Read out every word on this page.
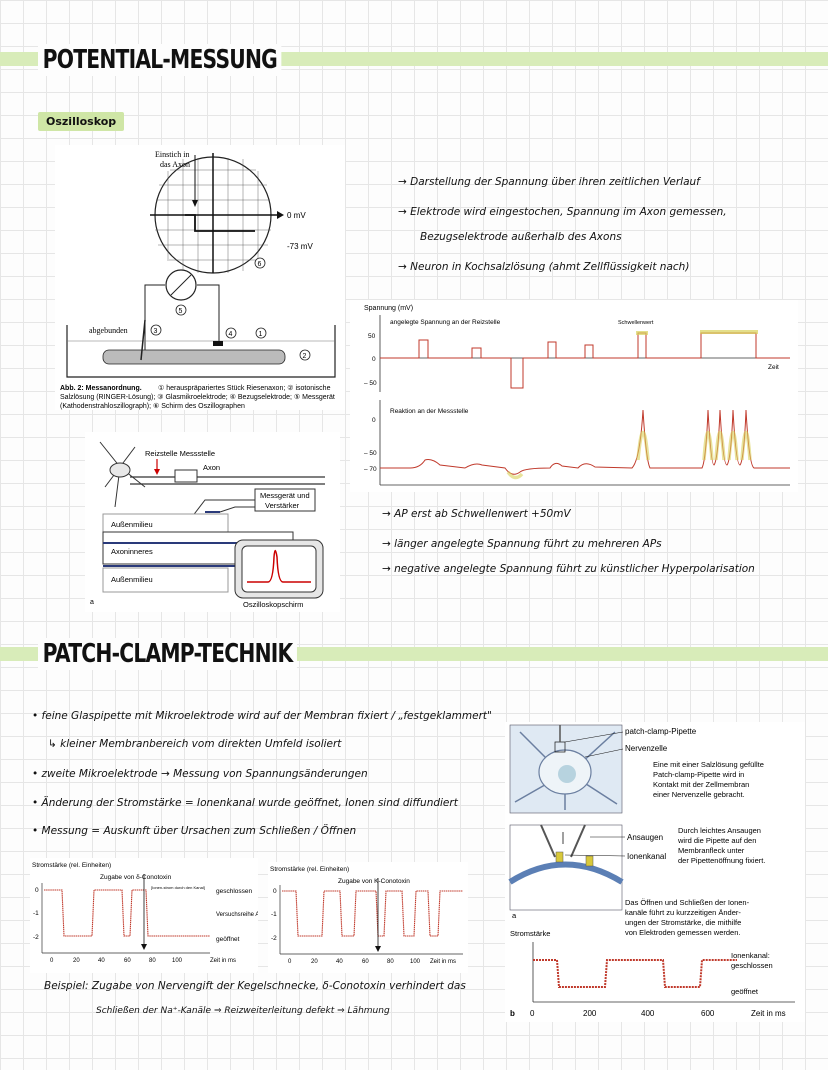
POTENTIAL-MESSUNG
Oszilloskop
Einstich in
das Axon
0 mV
-73 mV
6
5
abgebunden	3	4	1
2
Abb. 2: Messanordnung. ① herauspräpariertes Stück Riesenaxon; ② isotonische
Salzlösung (RINGER-Lösung); ③ Glasmikroelektrode; ④ Bezugselektrode; ⑤ Messgerät
(Kathodenstrahloszillograph); ⑥ Schirm des Oszillographen
Reizstelle Messstelle
Axon
Messgerät und
Verstärker
Außenmilieu
Axoninneres
Außenmilieu
a	Oszilloskopschirm
→ Darstellung der Spannung über ihren zeitlichen Verlauf
→ Elektrode wird eingestochen, Spannung im Axon gemessen,
Bezugselektrode außerhalb des Axons
→ Neuron in Kochsalzlösung (ahmt Zellflüssigkeit nach)
Spannung (mV)
angelegte Spannung an der Reizstelle	Schwellenwert
Zeit
50
0
– 50
Reaktion an der Messstelle
0
– 50
– 70
→ AP erst ab Schwellenwert +50mV
→ länger angelegte Spannung führt zu mehreren APs
→ negative angelegte Spannung führt zu künstlicher Hyperpolarisation
PATCH-CLAMP-TECHNIK
• feine Glaspipette mit Mikroelektrode wird auf der Membran fixiert / „festgeklammert"
↳ kleiner Membranbereich vom direkten Umfeld isoliert
• zweite Mikroelektrode → Messung von Spannungsänderungen
• Änderung der Stromstärke = Ionenkanal wurde geöffnet, Ionen sind diffundiert
• Messung = Auskunft über Ursachen zum Schließen / Öffnen
Stromstärke (rel. Einheiten)
Zugabe von δ-Conotoxin
[Ionen-strom durch den Kanal]
geschlossen
Versuchsreihe A
geöffnet
0
-1
-2
0	20	40	60	80	100	Zeit in ms
Stromstärke (rel. Einheiten)
Zugabe von K-Conotoxin
0
-1
-2
0	20	40	60	80	100 Zeit in ms
Beispiel: Zugabe von Nervengift der Kegelschnecke, δ-Conotoxin verhindert das
Schließen der Na⁺-Kanäle ⇒ Reizweiterleitung defekt ⇒ Lähmung
patch-clamp-Pipette
Nervenzelle
Eine mit einer Salzlösung gefüllte
Patch-clamp-Pipette wird in
Kontakt mit der Zellmembran
einer Nervenzelle gebracht.
Ansaugen
Ionenkanal
Durch leichtes Ansaugen
wird die Pipette auf den
Membranfleck unter
der Pipettenöffnung fixiert.
a
Das Öffnen und Schließen der Ionen-
kanäle führt zu kurzzeitigen Änder-
ungen der Stromstärke, die mithilfe
von Elektroden gemessen werden.
Stromstärke
Ionenkanal:
geschlossen
geöffnet
b 0	200	400	600	Zeit in ms
